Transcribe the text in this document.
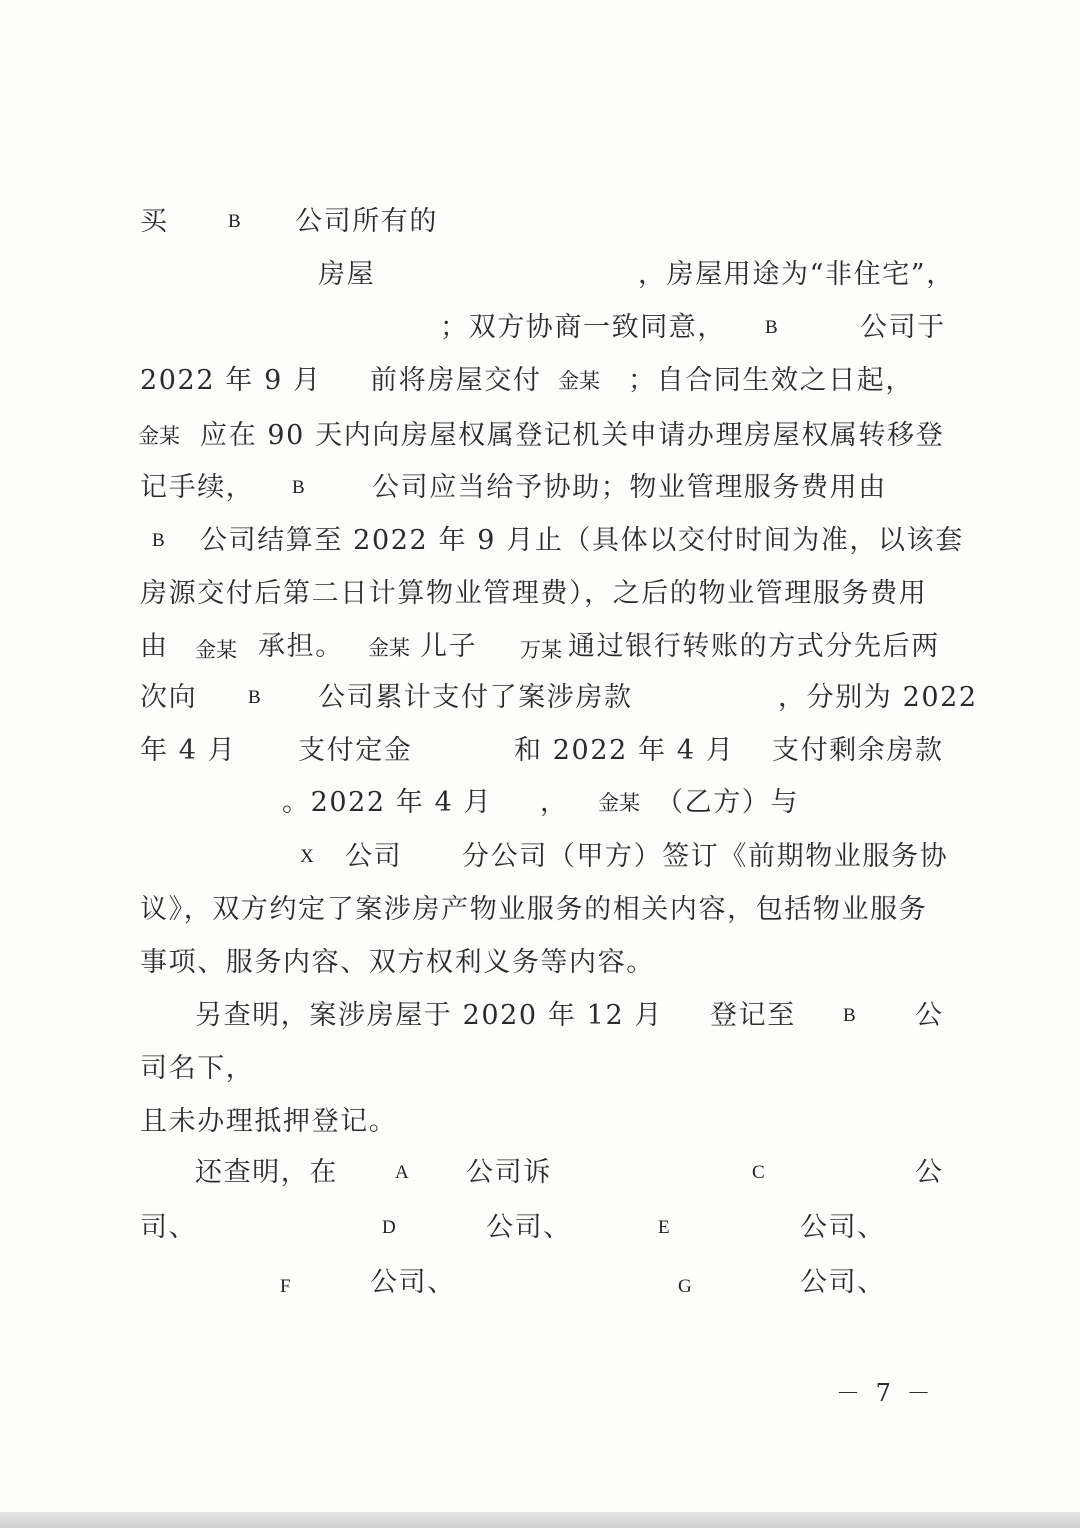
买	B 公司所有的
房屋	，房屋用途为“非住宅”，
；双方协商一致同意， B	公司于
2022 年 9 月 前将房屋交付 金某 ；自合同生效之日起，
金某 应在 90 天内向房屋权属登记机关申请办理房屋权属转移登
记手续， B 公司应当给予协助；物业管理服务费用由
B 公司结算至 2022 年 9 月止（具体以交付时间为准，以该套
房源交付后第二日计算物业管理费），之后的物业管理服务费用
由 金某 承担。 金某 儿子 万某 通过银行转账的方式分先后两
次向	B 公司累计支付了案涉房款	，分别为 2022
年 4 月 支付定金	和 2022 年 4 月 支付剩余房款
。2022 年 4 月 ， 金某 （乙方）与
X 公司 分公司（甲方）签订《前期物业服务协
议》，双方约定了案涉房产物业服务的相关内容，包括物业服务
事项、服务内容、双方权利义务等内容。
另查明，案涉房屋于 2020 年 12 月 登记至 B 公
司名下，
且未办理抵押登记。
还查明，在	A 公司诉	C	公
司、	D	公司、	E	公司、
F	公司、	G	公司、
－ 7 －
